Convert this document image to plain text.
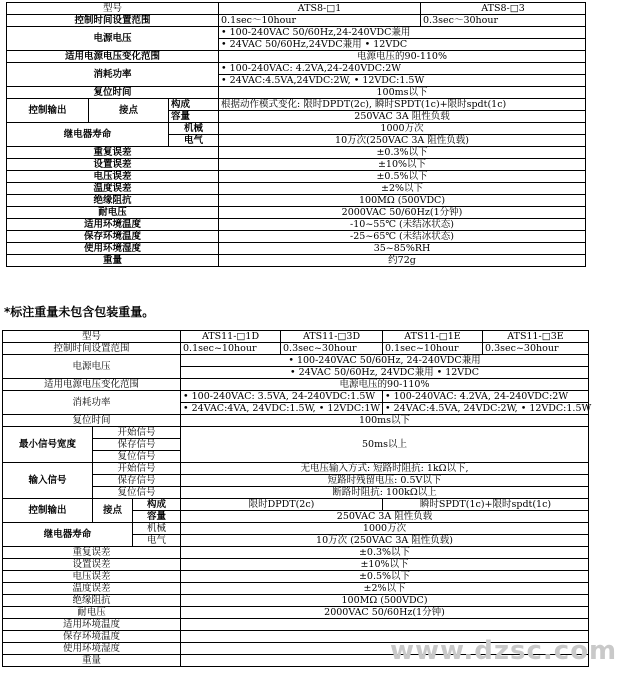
型号			ATS8-□1	ATS8-□3
控制时间设置范围			0.1sec～10hour	0.3sec～30hour
电源电压			• 100-240VAC 50/60Hz,24-240VDC兼用	
			• 24VAC 50/60Hz,24VDC兼用 • 12VDC	
适用电源电压变化范围			电源电压的90-110%	
消耗功率			• 100-240VAC: 4.2VA,24-240VDC:2W	
			• 24VAC:4.5VA,24VDC:2W, • 12VDC:1.5W	
复位时间			100ms以下	
控制输出	接点	构成	根据动作模式变化: 限时DPDT(2c), 瞬时SPDT(1c)+限时spdt(1c)	
		容量	250VAC 3A 阻性负载	
继电器寿命		机械	1000万次	
		电气	10万次(250VAC 3A 阻性负载)	
重复误差			±0.3%以下	
设置误差			±10%以下	
电压误差			±0.5%以下	
温度误差			±2%以下	
绝缘阻抗			100MΩ (500VDC)	
耐电压			2000VAC 50/60Hz(1分钟)	
适用环境温度			-10~55℃ (未结冰状态)	
保存环境温度			-25~65℃ (未结冰状态)	
使用环境湿度			35~85%RH	
重量			约72g	
*标注重量未包含包装重量。
型号			ATS11-□1D	ATS11-□3D	ATS11-□1E	ATS11-□3E
控制时间设置范围			0.1sec~10hour	0.3sec~30hour	0.1sec~10hour	0.3sec~30hour
电源电压			• 100-240VAC 50/60Hz, 24-240VDC兼用			
			• 24VAC 50/60Hz, 24VDC兼用 • 12VDC			
适用电源电压变化范围			电源电压的90-110%			
消耗功率			• 100-240VAC: 3.5VA, 24-240VDC:1.5W		• 100-240VAC: 4.2VA, 24-240VDC:2W	
			• 24VAC:4VA, 24VDC:1.5W, • 12VDC:1W		• 24VAC:4.5VA, 24VDC:2W, • 12VDC:1.5W	
复位时间			100ms以下			
最小信号宽度	开始信号		50ms以上			
	保存信号					
	复位信号					
输入信号	开始信号		无电压输入方式: 短路时阻抗: 1kΩ以下,			
	保存信号		短路时残留电压: 0.5V以下			
	复位信号		断路时阻抗: 100kΩ以上			
控制输出	接点	构成	限时DPDT(2c)		瞬时SPDT(1c)+限时spdt(1c)	
		容量	250VAC 3A 阻性负载			
继电器寿命		机械	1000万次			
		电气	10万次 (250VAC 3A 阻性负载)			
重复误差			±0.3%以下			
设置误差			±10%以下			
电压误差			±0.5%以下			
温度误差			±2%以下			
绝缘阻抗			100MΩ (500VDC)			
耐电压			2000VAC 50/60Hz(1分钟)			
适用环境温度						
保存环境温度						
使用环境湿度						
重量							www.dzsc.com
